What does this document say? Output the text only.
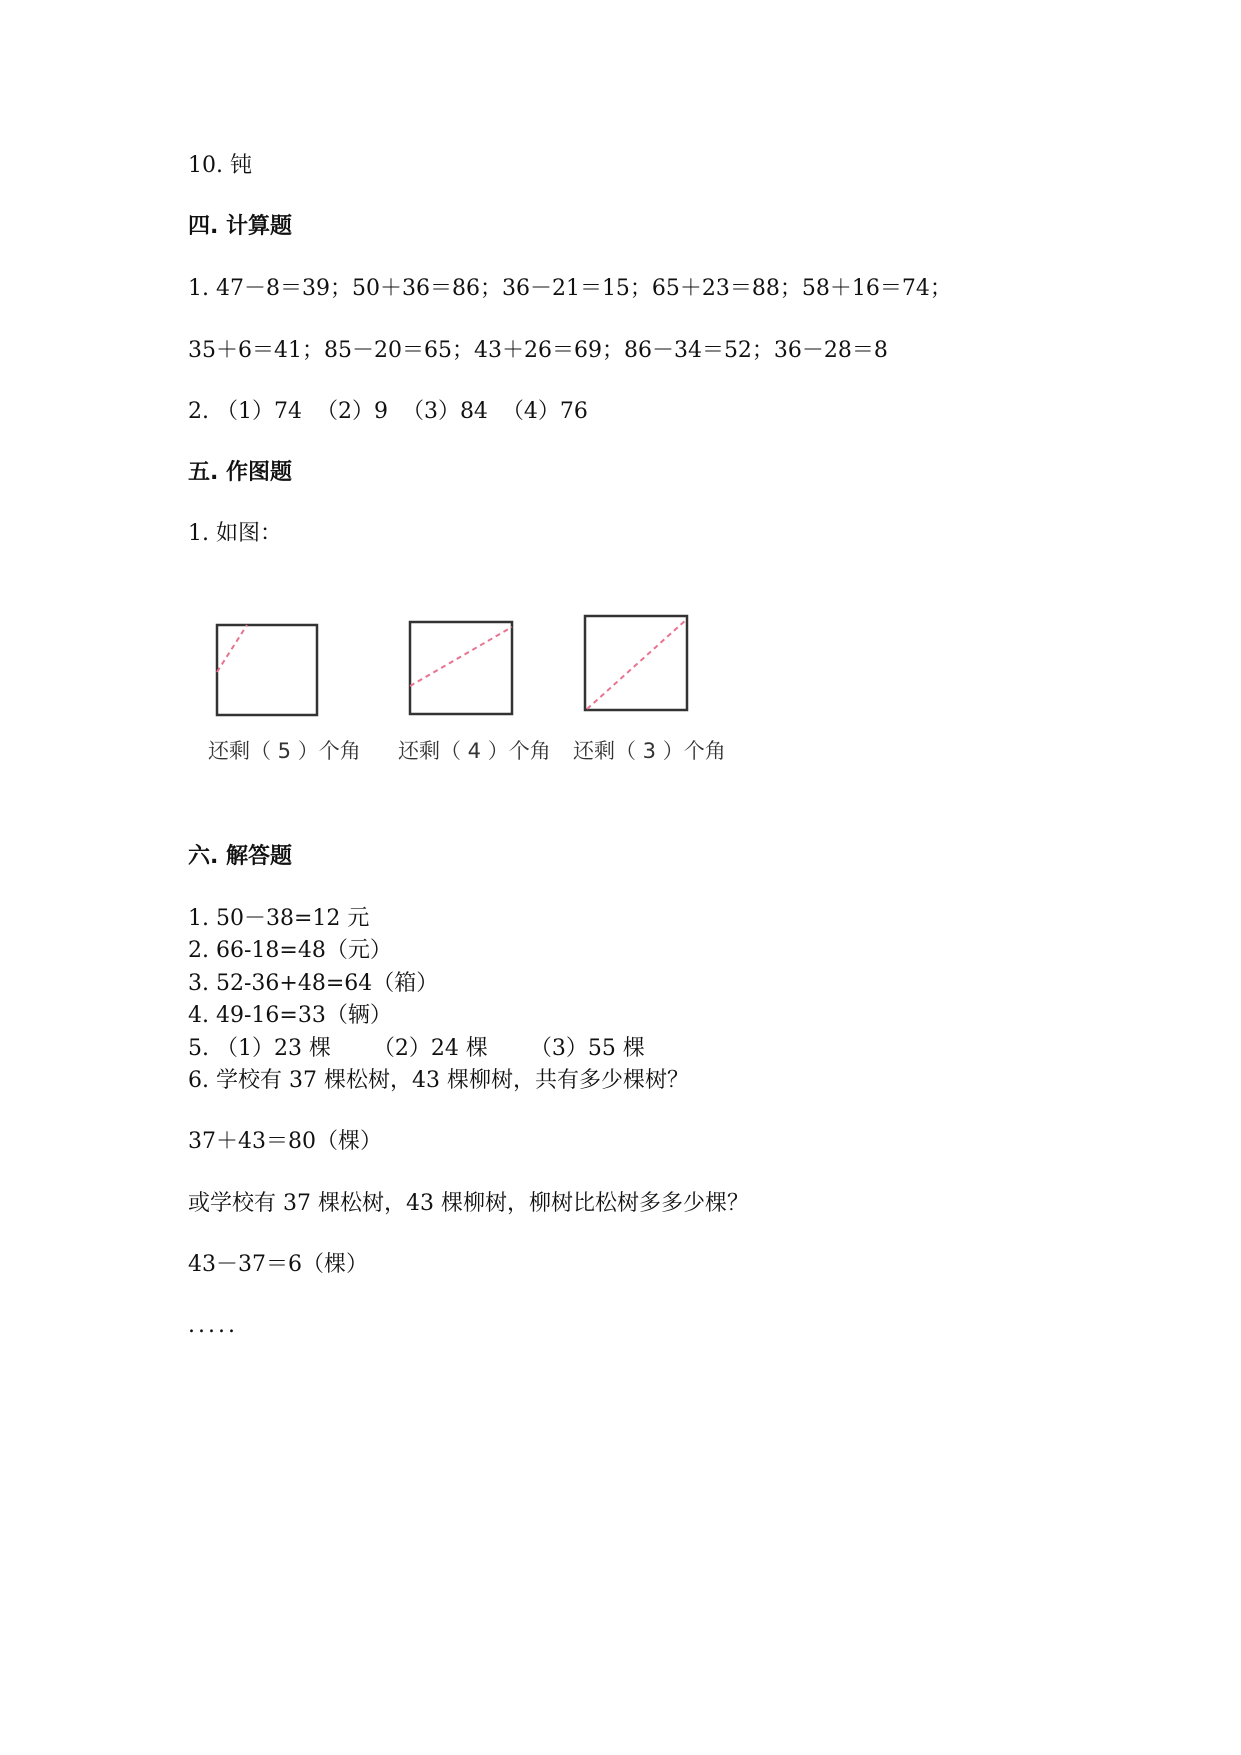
10. 钝
四. 计算题
1. 47－8＝39；50＋36＝86；36－21＝15；65＋23＝88；58＋16＝74；
35＋6＝41；85－20＝65；43＋26＝69；86－34＝52；36－28＝8
2. （1）74  （2）9  （3）84  （4）76
五. 作图题
1. 如图：
还剩（ 5 ）个角 还剩（ 4 ）个角 还剩（ 3 ）个角
六. 解答题
1. 50－38=12 元
2. 66-18=48（元）
3. 52-36+48=64（箱）
4. 49-16=33（辆）
5. （1）23 棵      （2）24 棵      （3）55 棵
6. 学校有 37 棵松树，43 棵柳树，共有多少棵树？
37＋43＝80（棵）
或学校有 37 棵松树，43 棵柳树，柳树比松树多多少棵？
43－37＝6（棵）
.....
